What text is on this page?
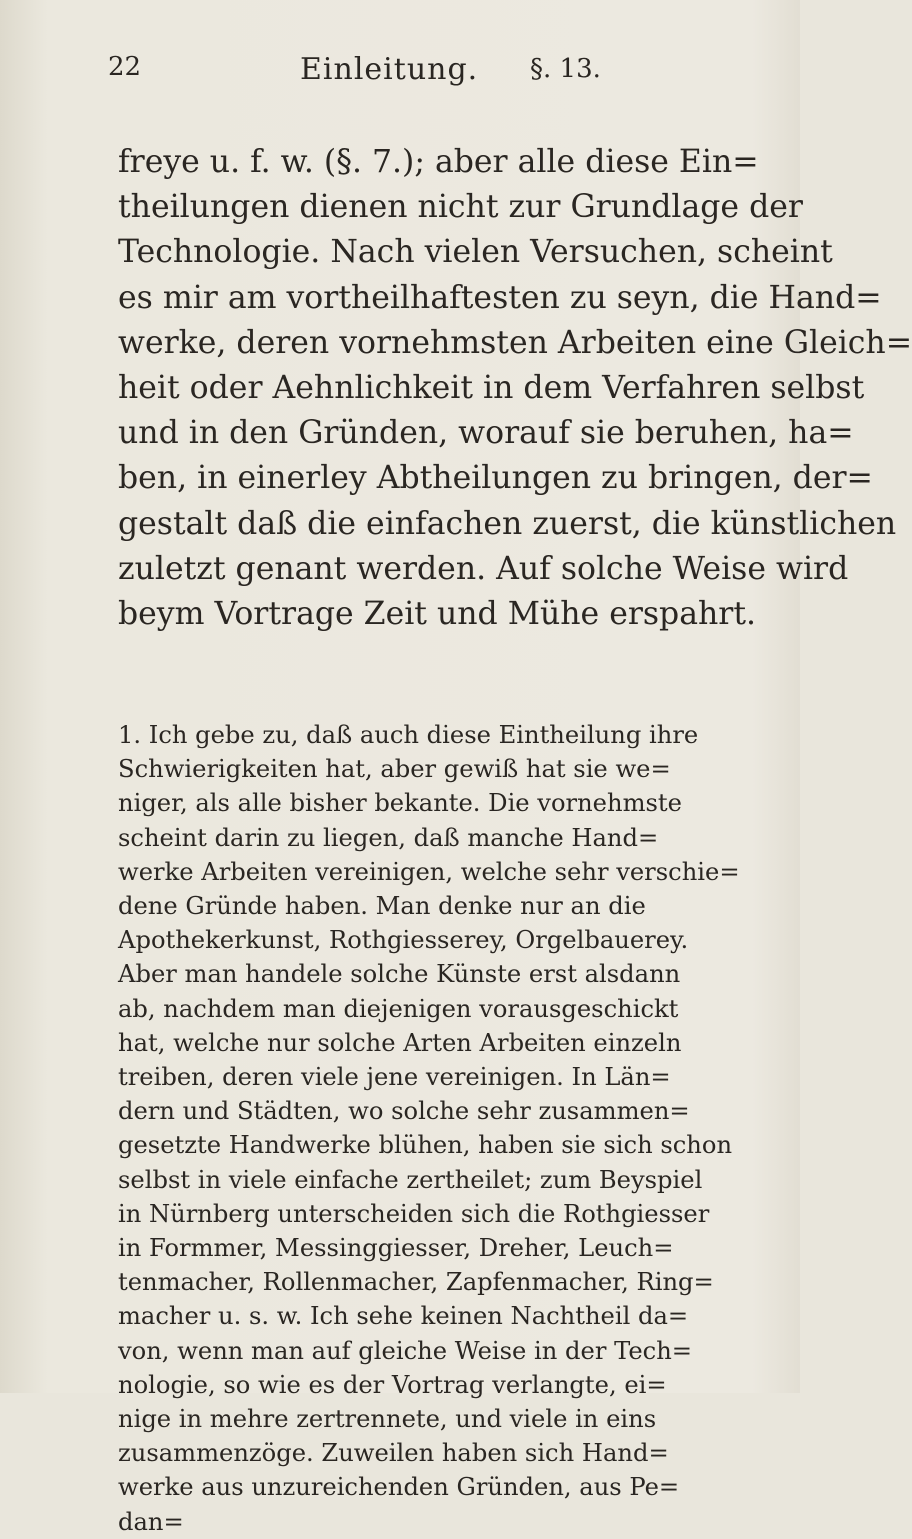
22	Einleitung. §. 13.
freye u. f. w. (§. 7.); aber alle diese Ein=
theilungen dienen nicht zur Grundlage der
Technologie. Nach vielen Versuchen, scheint
es mir am vortheilhaftesten zu seyn, die Hand=
werke, deren vornehmsten Arbeiten eine Gleich=
heit oder Aehnlichkeit in dem Verfahren selbst
und in den Gründen, worauf sie beruhen, ha=
ben, in einerley Abtheilungen zu bringen, der=
gestalt daß die einfachen zuerst, die künstlichen
zuletzt genant werden. Auf solche Weise wird
beym Vortrage Zeit und Mühe erspahrt.
1. Ich gebe zu, daß auch diese Eintheilung ihre
Schwierigkeiten hat, aber gewiß hat sie we=
niger, als alle bisher bekante. Die vornehmste
scheint darin zu liegen, daß manche Hand=
werke Arbeiten vereinigen, welche sehr verschie=
dene Gründe haben. Man denke nur an die
Apothekerkunst, Rothgiesserey, Orgelbauerey.
Aber man handele solche Künste erst alsdann
ab, nachdem man diejenigen vorausgeschickt
hat, welche nur solche Arten Arbeiten einzeln
treiben, deren viele jene vereinigen. In Län=
dern und Städten, wo solche sehr zusammen=
gesetzte Handwerke blühen, haben sie sich schon
selbst in viele einfache zertheilet; zum Beyspiel
in Nürnberg unterscheiden sich die Rothgiesser
in Formmer, Messinggiesser, Dreher, Leuch=
tenmacher, Rollenmacher, Zapfenmacher, Ring=
macher u. s. w. Ich sehe keinen Nachtheil da=
von, wenn man auf gleiche Weise in der Tech=
nologie, so wie es der Vortrag verlangte, ei=
nige in mehre zertrennete, und viele in eins
zusammenzöge. Zuweilen haben sich Hand=
werke aus unzureichenden Gründen, aus Pe=
dan=
